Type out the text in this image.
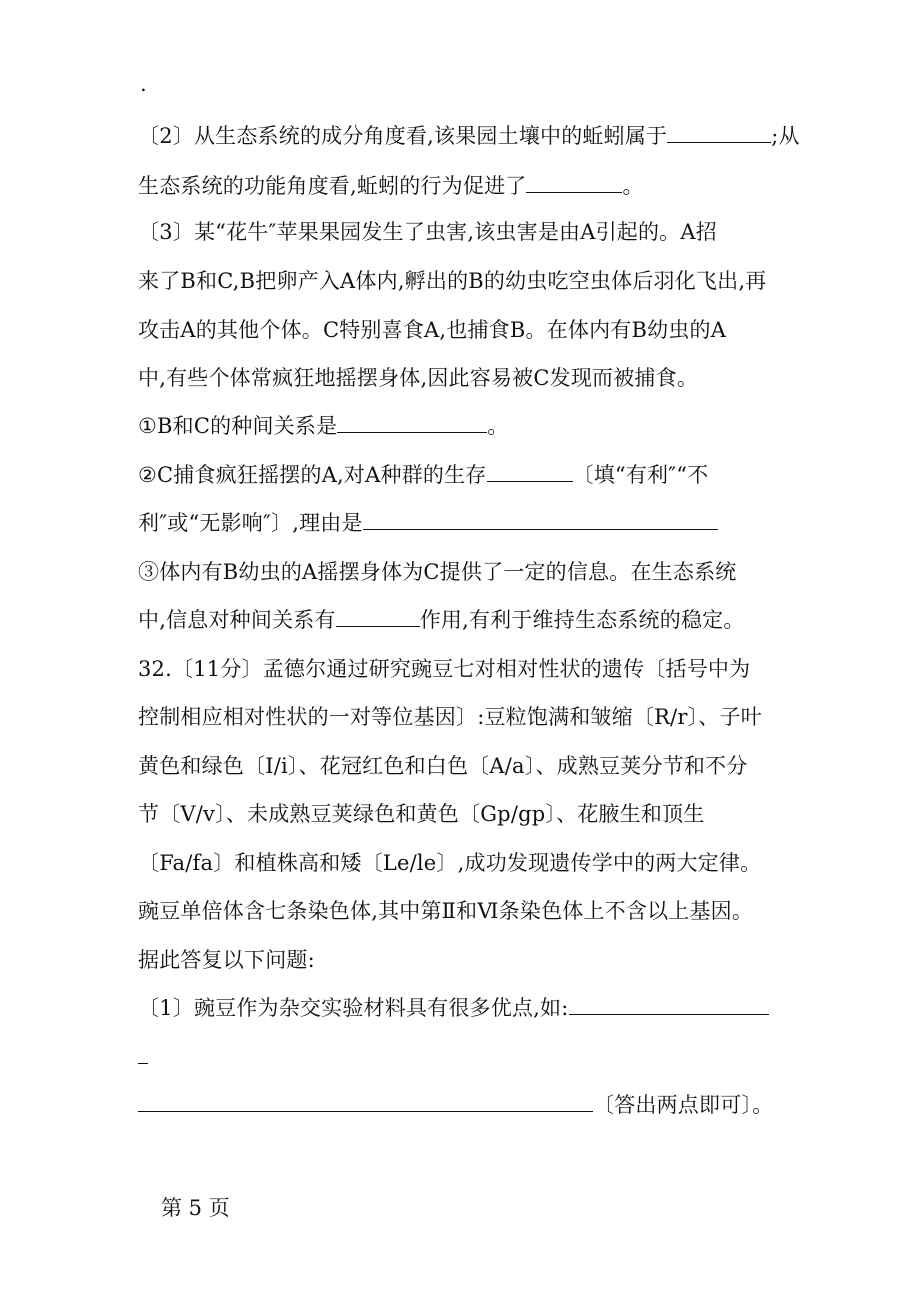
.
〔2〕从生态系统的成分角度看,该果园土壤中的蚯蚓属于	;从
生态系统的功能角度看,蚯蚓的行为促进了	。
〔3〕某“花牛″苹果果园发生了虫害,该虫害是由A引起的。A招
来了B和C,B把卵产入A体内,孵出的B的幼虫吃空虫体后羽化飞出,再
攻击A的其他个体。C特别喜食A,也捕食B。在体内有B幼虫的A
中,有些个体常疯狂地摇摆身体,因此容易被C发现而被捕食。
①B和C的种间关系是	。
②C捕食疯狂摇摆的A,对A种群的生存	〔填“有利″“不
利″或“无影响″〕,理由是
③体内有B幼虫的A摇摆身体为C提供了一定的信息。在生态系统
中,信息对种间关系有	作用,有利于维持生态系统的稳定。
32.〔11分〕孟德尔通过研究豌豆七对相对性状的遗传〔括号中为
控制相应相对性状的一对等位基因〕:豆粒饱满和皱缩〔R/r〕、子叶
黄色和绿色〔I/i〕、花冠红色和白色〔A/a〕、成熟豆荚分节和不分
节〔V/v〕、未成熟豆荚绿色和黄色〔Gp/gp〕、花腋生和顶生
〔Fa/fa〕和植株高和矮〔Le/le〕,成功发现遗传学中的两大定律。
豌豆单倍体含七条染色体,其中第Ⅱ和Ⅵ条染色体上不含以上基因。
据此答复以下问题:
〔1〕豌豆作为杂交实验材料具有很多优点,如:
〔答出两点即可〕。
第 5 页
